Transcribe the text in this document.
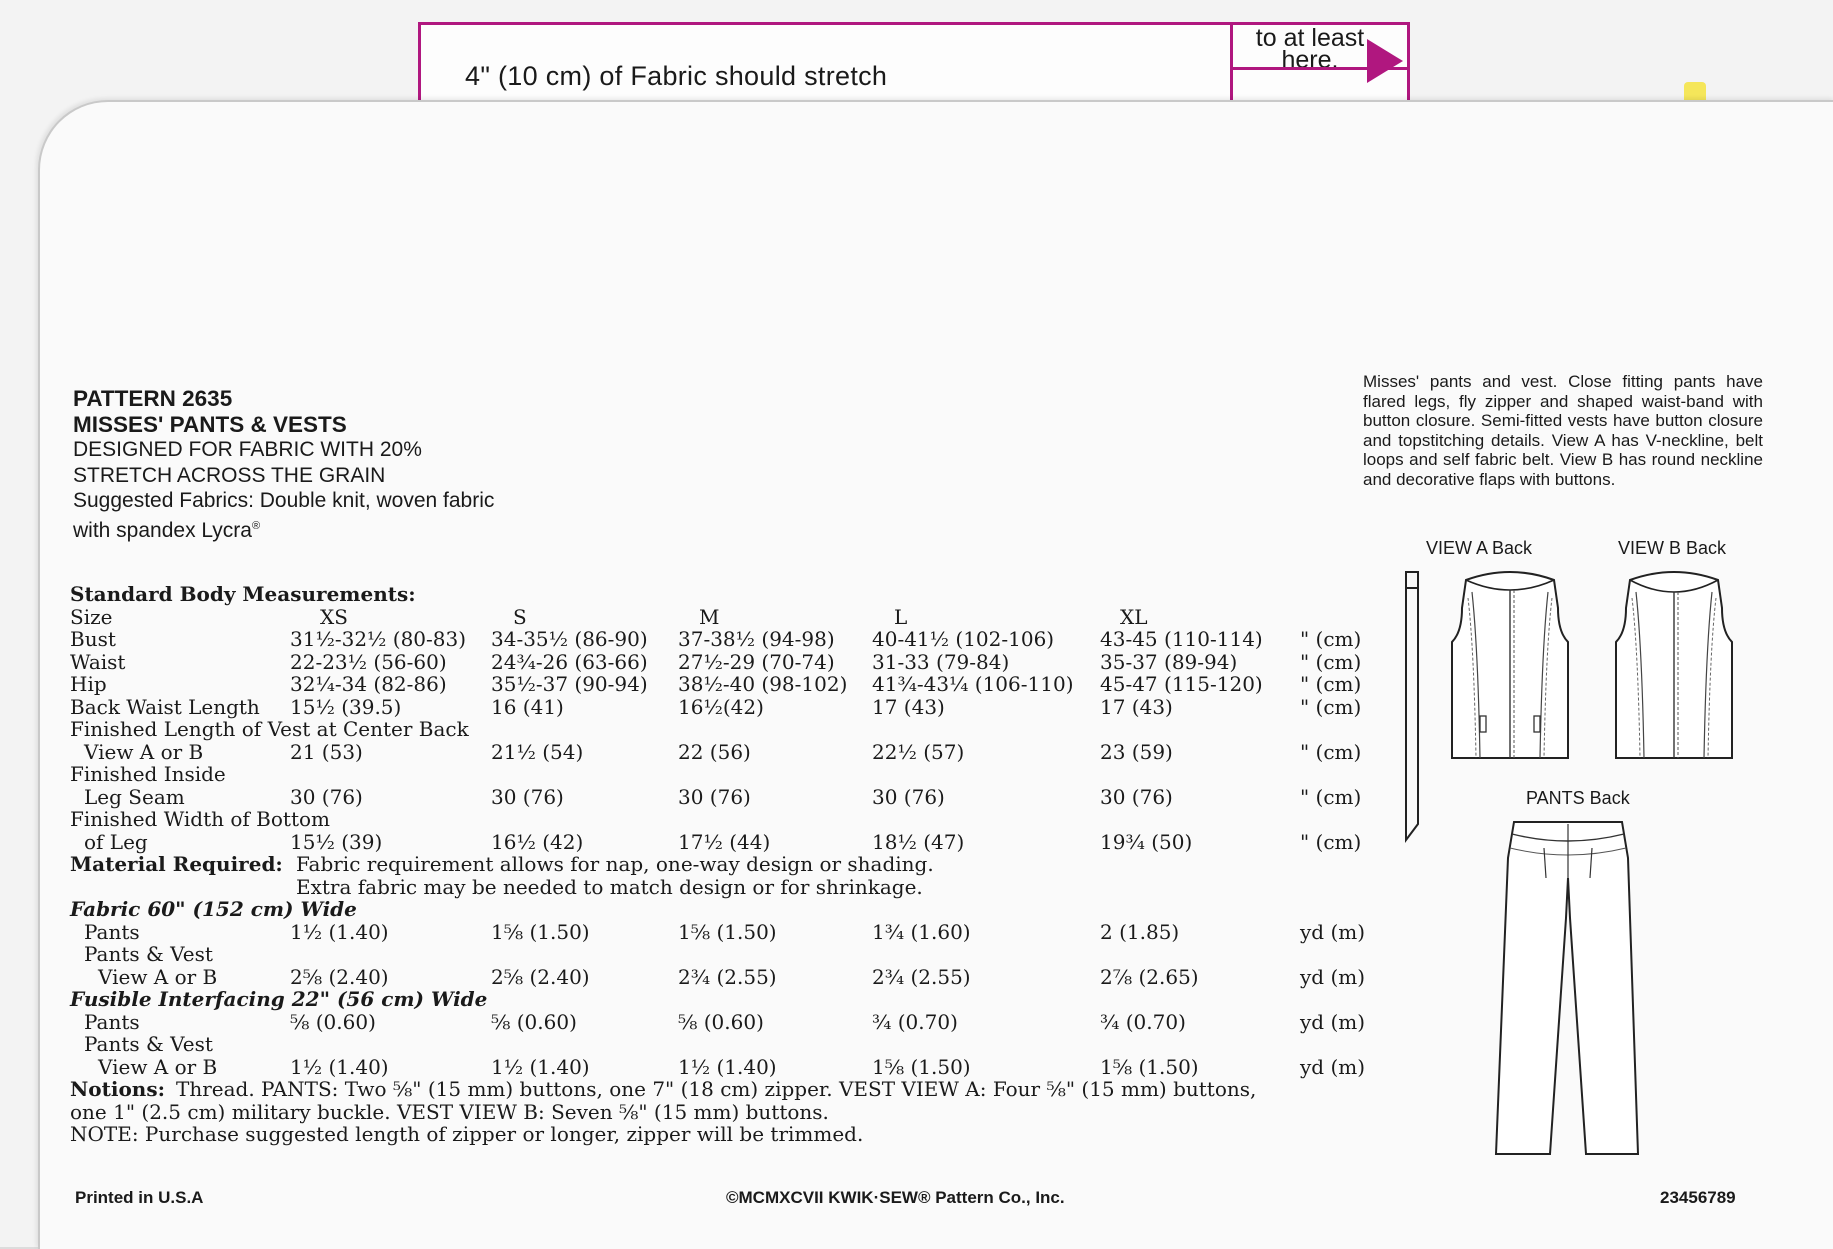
4" (10 cm) of Fabric should stretch
to at least
here.
PATTERN 2635
MISSES' PANTS & VESTS
DESIGNED FOR FABRIC WITH 20%
STRETCH ACROSS THE GRAIN
Suggested Fabrics: Double knit, woven fabric
with spandex Lycra®
Misses' pants and vest. Close fitting pants have flared legs, fly zipper and shaped waist-band with button closure. Semi-fitted vests have button closure and topstitching details. View A has V-neckline, belt loops and self fabric belt. View B has round neckline and decorative flaps with buttons.
VIEW A Back	VIEW B Back
PANTS Back
Standard Body Measurements:
Size	XS	S	M	L	XL
Bust	31½-32½ (80-83) 34-35½ (86-90) 37-38½ (94-98) 40-41½ (102-106) 43-45 (110-114) " (cm)
Waist	22-23½ (56-60) 24¾-26 (63-66) 27½-29 (70-74) 31-33 (79-84)	35-37 (89-94)	" (cm)
Hip	32¼-34 (82-86) 35½-37 (90-94) 38½-40 (98-102) 41¾-43¼ (106-110) 45-47 (115-120) " (cm)
Back Waist Length 15½ (39.5)	16 (41)	16½(42)	17 (43)	17 (43)	" (cm)
Finished Length of Vest at Center Back
View A or B	21 (53)	21½ (54)	22 (56)	22½ (57)	23 (59)	" (cm)
Finished Inside
Leg Seam	30 (76)	30 (76)	30 (76)	30 (76)	30 (76)	" (cm)
Finished Width of Bottom
of Leg	15½ (39)	16½ (42)	17½ (44)	18½ (47)	19¾ (50)	" (cm)
Material Required: Fabric requirement allows for nap, one-way design or shading.
Extra fabric may be needed to match design or for shrinkage.
Fabric 60" (152 cm) Wide
Pants	1½ (1.40)	1⅝ (1.50)	1⅝ (1.50)	1¾ (1.60)	2 (1.85)	yd (m)
Pants & Vest
View A or B	2⅝ (2.40)	2⅝ (2.40)	2¾ (2.55)	2¾ (2.55)	2⅞ (2.65)	yd (m)
Fusible Interfacing 22" (56 cm) Wide
Pants	⅝ (0.60)	⅝ (0.60)	⅝ (0.60)	¾ (0.70)	¾ (0.70)	yd (m)
Pants & Vest
View A or B	1½ (1.40)	1½ (1.40)	1½ (1.40)	1⅝ (1.50)	1⅝ (1.50)	yd (m)
Notions: Thread. PANTS: Two ⅝" (15 mm) buttons, one 7" (18 cm) zipper. VEST VIEW A: Four ⅝" (15 mm) buttons,
one 1" (2.5 cm) military buckle. VEST VIEW B: Seven ⅝" (15 mm) buttons.
NOTE: Purchase suggested length of zipper or longer, zipper will be trimmed.
Printed in U.S.A	©MCMXCVII KWIK·SEW® Pattern Co., Inc.	23456789
